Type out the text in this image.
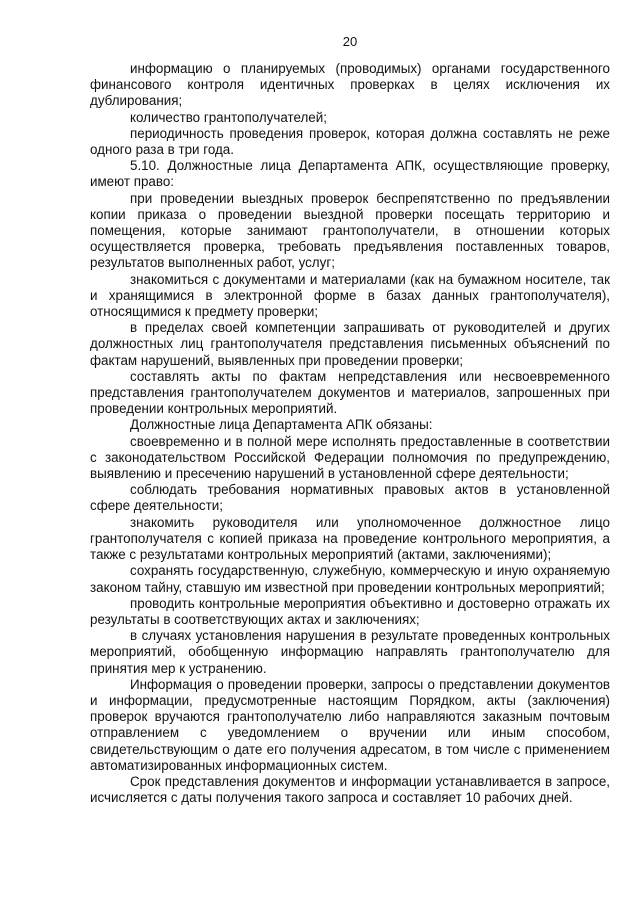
20

информацию о планируемых (проводимых) органами государственного финансового контроля идентичных проверках в целях исключения их дублирования;

количество грантополучателей;

периодичность проведения проверок, которая должна составлять не реже одного раза в три года.

5.10. Должностные лица Департамента АПК, осуществляющие проверку, имеют право:

при проведении выездных проверок беспрепятственно по предъявлении копии приказа о проведении выездной проверки посещать территорию и помещения, которые занимают грантополучатели, в отношении которых осуществляется проверка, требовать предъявления поставленных товаров, результатов выполненных работ, услуг;

знакомиться с документами и материалами (как на бумажном носителе, так и хранящимися в электронной форме в базах данных грантополучателя), относящимися к предмету проверки;

в пределах своей компетенции запрашивать от руководителей и других должностных лиц грантополучателя представления письменных объяснений по фактам нарушений, выявленных при проведении проверки;

составлять акты по фактам непредставления или несвоевременного представления грантополучателем документов и материалов, запрошенных при проведении контрольных мероприятий.

Должностные лица Департамента АПК обязаны:

своевременно и в полной мере исполнять предоставленные в соответствии с законодательством Российской Федерации полномочия по предупреждению, выявлению и пресечению нарушений в установленной сфере деятельности;

соблюдать требования нормативных правовых актов в установленной сфере деятельности;

знакомить руководителя или уполномоченное должностное лицо грантополучателя с копией приказа на проведение контрольного мероприятия, а также с результатами контрольных мероприятий (актами, заключениями);

сохранять государственную, служебную, коммерческую и иную охраняемую законом тайну, ставшую им известной при проведении контрольных мероприятий;

проводить контрольные мероприятия объективно и достоверно отражать их результаты в соответствующих актах и заключениях;

в случаях установления нарушения в результате проведенных контрольных мероприятий, обобщенную информацию направлять грантополучателю для принятия мер к устранению.

Информация о проведении проверки, запросы о представлении документов и информации, предусмотренные настоящим Порядком, акты (заключения) проверок вручаются грантополучателю либо направляются заказным почтовым отправлением с уведомлением о вручении или иным способом, свидетельствующим о дате его получения адресатом, в том числе с применением автоматизированных информационных систем.

Срок представления документов и информации устанавливается в запросе, исчисляется с даты получения такого запроса и составляет 10 рабочих дней.
